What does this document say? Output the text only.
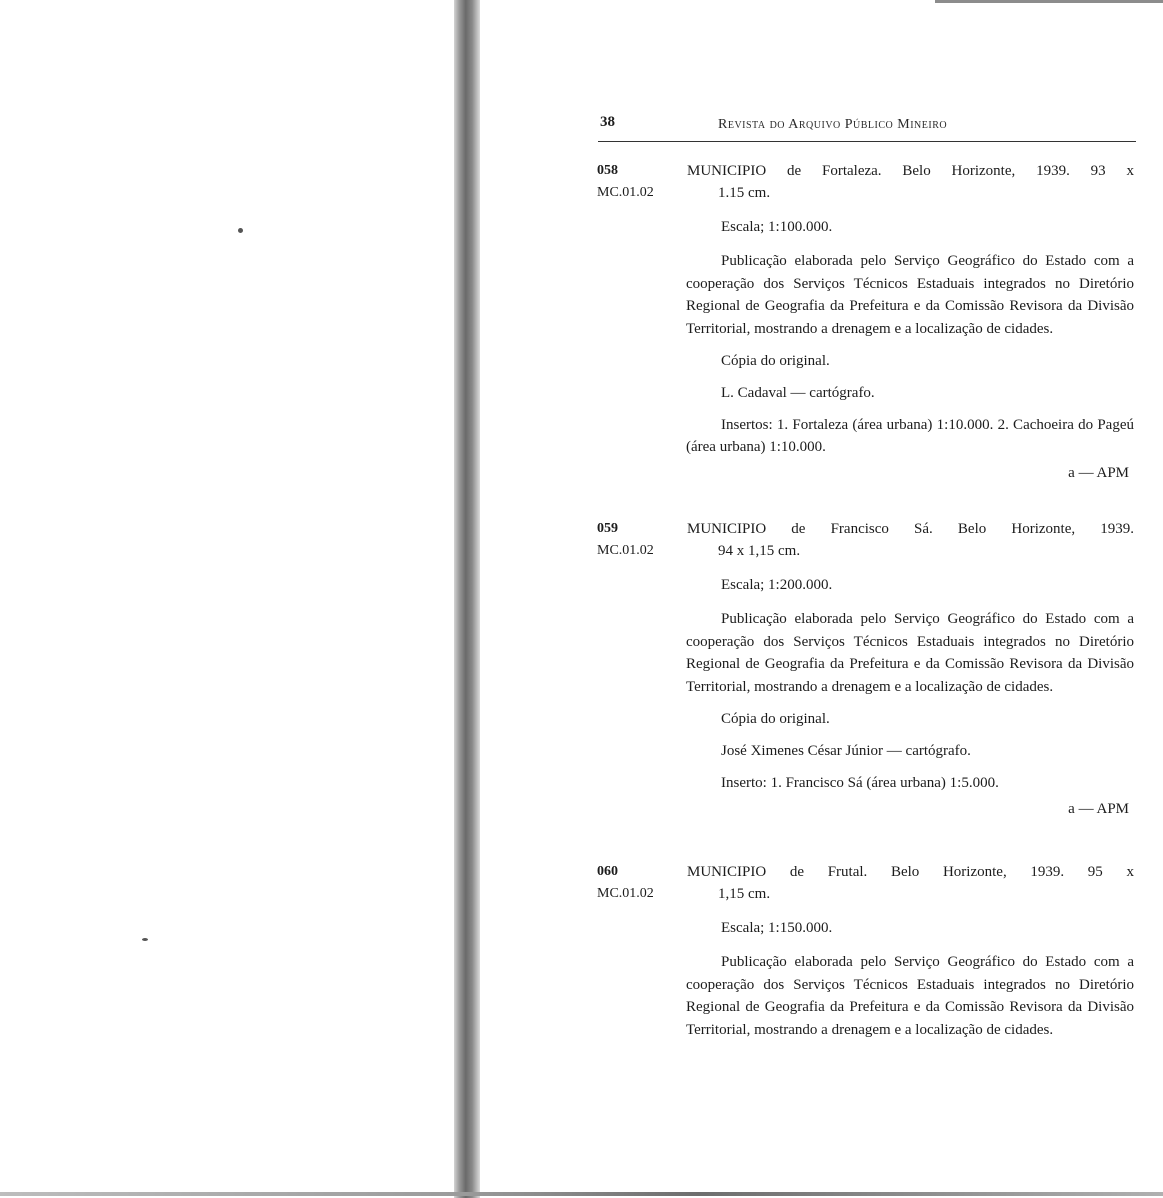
38	Revista do Arquivo Público Mineiro
058
MC.01.02
MUNICIPIO de Fortaleza. Belo Horizonte, 1939. 93 x
1.15 cm.
Escala; 1:100.000.
Publicação elaborada pelo Serviço Geográfico do Estado com a cooperação dos Serviços Técnicos Estaduais integrados no Diretório Regional de Geografia da Prefeitura e da Comissão Revisora da Divisão Territorial, mostrando a drenagem e a localização de cidades.
Cópia do original.
L. Cadaval — cartógrafo.
Insertos: 1. Fortaleza (área urbana) 1:10.000. 2. Cachoeira do Pageú (área urbana) 1:10.000.
a — APM
059
MC.01.02
MUNICIPIO de Francisco Sá. Belo Horizonte, 1939.
94 x 1,15 cm.
Escala; 1:200.000.
Publicação elaborada pelo Serviço Geográfico do Estado com a cooperação dos Serviços Técnicos Estaduais integrados no Diretório Regional de Geografia da Prefeitura e da Comissão Revisora da Divisão Territorial, mostrando a drenagem e a localização de cidades.
Cópia do original.
José Ximenes César Júnior — cartógrafo.
Inserto: 1. Francisco Sá (área urbana) 1:5.000.
a — APM
060
MC.01.02
MUNICIPIO de Frutal. Belo Horizonte, 1939. 95 x
1,15 cm.
Escala; 1:150.000.
Publicação elaborada pelo Serviço Geográfico do Estado com a cooperação dos Serviços Técnicos Estaduais integrados no Diretório Regional de Geografia da Prefeitura e da Comissão Revisora da Divisão Territorial, mostrando a drenagem e a localização de cidades.
